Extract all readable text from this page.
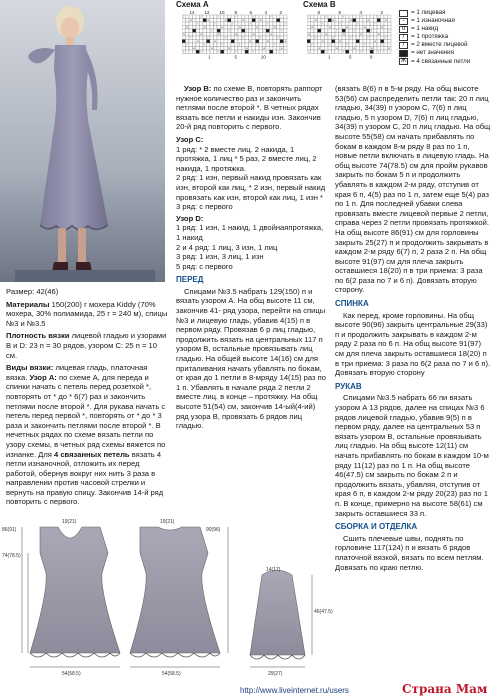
Схема А
/	/	/	/	/	/
o	o	o	o	o
/	/	/	/	/	/
o	o	o	o	o	o
/	/	/	/	/
o	o	o	o	o	o
/	/	/	/	/	/
o	o	o	o	o
/	/	/	/	/	/
o	o	o	o	o	o
/	/	/	/	/
14 12 10 8	6	4	2
10
5
1
Схема В
/	/	/	/	/
o	o	o	o	o
/	/	/	/
o	o	o	o	o
/	/	/	/
o	o	o	o	o
/	/	/	/	/
o	o	o
/	/	/	/	/
o	o	o	o	o
/	/	/	/	/
8	6	4	2
8
5
1
= 1 лицевая
-	= 1 изнаночная
o = 1 накид
/	= 1 протяжка
/	= 2 вместе лицевой
■ = нет значения
Ж = 4 связанные петли

Размер: 42(46)

Материалы 150(200) г мохера Kiddy (70% мохера, 30% полиамида, 25 г = 240 м), спицы №3 и №3.5

Плотность вязки лицевой гладью и узорами В и D: 23 п = 30 рядов, узором С: 25 п = 10 см.

Виды вязки: лицевая гладь, платочная вязка. Узор А: по схеме А, для переда и спинки начать с петель перед розеткой *, повторять от * до * 6(7) раз и закончить петлями после второй *. Для рукава начать с петель перед первой *, повторять от * до * 3 раза и закончить петлями после второй *. В нечетных рядах по схеме вязать петли по узору схемы, в четных ряд схемы вяжется по изнанке. Для 4 связанных петель вязать 4 петли изнаночной, отложить их перед работой, обернув вокруг них нить 3 раза в направлении против часовой стрелки и вернуть на правую спицу. Закончив 14-й ряд повторить с первого.

Узор В: по схеме В, повторять раппорт нужное количество раз и закончить петлями после второй *. В четных рядах вязать все петли и накиды изн. Закончив 20-й ряд повторить с первого.

Узор С:

1 ряд: * 2 вместе лиц. 2 накида, 1 протяжка, 1 лиц * 5 раз, 2 вместе лиц, 2 накида, 1 протяжка.

2 ряд: 1 изн, первый накид провязать как изн, второй как лиц, * 2 изн, первый накид провязать как изн, второй как лиц, 1 изн *

3 ряд: с первого

Узор D:

1 ряд: 1 изн, 1 накид, 1 двойнаяпротяжка, 1 накид

2 и 4 ряд: 1 лиц, 3 изн, 1 лиц

3 ряд: 1 изн, 3 лиц, 1 изн

5 ряд: с первого

ПЕРЕД

Спицами №3.5 набрать 129(150) п и вязать узором А. На общ высоте 11 см, закончив 41- ряд узора, перейти на спицы №3 и лицевую гладь, убавив 4(15) п в первом ряду. Провязав 6 р лиц гладью, продолжить вязать на центральных 117 п узором В, остальные провязывать лиц гладью. На общей высоте 14(16) см для приталивания начать убавлять по бокам, от края до 1 петли в 8-мряду 14(15) раз по 1 п. Убавлять в начале ряда 2 петли 2 вместе лиц. в конце – протяжку. На общ высоте 51(54) см, закончив 14-ый(4-ий) ряд узора В, провязать 6 рядов лиц гладью.

(вязать 8(6) п в 5-м ряду. На общ высоте 53(56) см распределить петли так: 20 п лиц гладью, 34(39) п узором С, 7(6) п лиц гладью, 5 п узором D, 7(6) п лиц гладью, 34(39) п узором С, 20 п лиц гладью. На общ высоте 55(58) см начать прибавлять по бокам в каждом 8-м ряду 8 раз по 1 п, новые петли включать в лицевую гладь. На общ высоте 74(78.5) см для пройм рукавов закрыть по бокам 5 п и продолжить убавлять в каждом 2-м ряду, отступив от края 6 п, 4(5) раз по 1 п, затем еще 5(4) раз по 1 п. Для последней убавки слева провязать вместе лицевой первые 2 петли, справа через 2 петли провязать протяжкой. На общ высоте 86(91) см для горловины закрыть 25(27) п и продолжить закрывать в каждом 2-м ряду 6(7) п, 2 раза 2 п. На общ высоте 91(97) см для плеча закрыть оставшиеся 18(20) п в три приема: 3 раза по 6(2 раза по 7 и 6 п). Довязать вторую сторону.

СПИНКА

Как перед, кроме горловины. На общ высоте 90(96) закрыть центральные 29(33) п и продолжить закрывать в каждом 2-м ряду 2 раза по 6 п. На общ высоте 91(97) см для плеча закрыть оставшиеся 18(20) п в три приема: 3 раза по 6(2 раза по 7 и 6 п). Довязать вторую сторону

РУКАВ

Спицами №3.5 набрать 66 пи вязать узором А 13 рядов, далее на спицах №3 6 рядов лицевой гладью, убавив 9(5) п в первом ряду, далее на центральных 53 п вязать узором В, остальные провязывать лиц гладью. На общ высоте 12(11) см начать прибавлять по бокам в каждом 10-м ряду 11(12) раз по 1 п. На общ высоте 46(47.5) см закрыть по бокам 2 п и продолжить вязать, убавляя, отступив от края 6 п, в каждом 2-м ряду 20(23) раз по 1 п. В конце, примерно на высоте 58(61) см закрыть оставшиеся 33 п.

СБОРКА И ОТДЕЛКА

Сшить плечевые швы, поднять по горловине 117(124) п и вязать 6 рядов платочной вязкой, вязать по всем петлям. Довязать по краю петлю.

86(91)
74(78.5)
90(96)
19(21)	19(21)
14(17)
46(47.5)
54(58.5)	54(58.5)	29(27)
http://www.liveinternet.ru/users	Страна Мам
